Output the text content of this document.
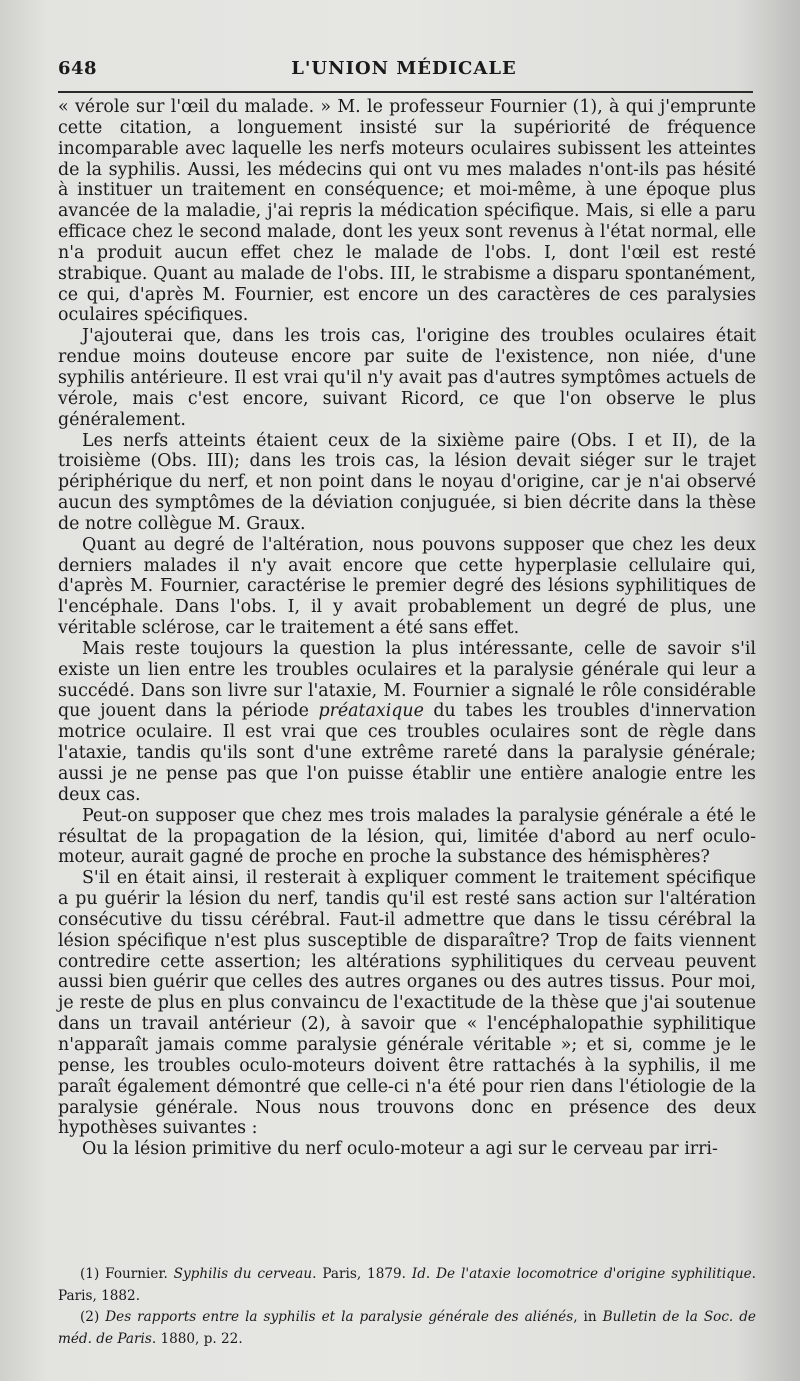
648	L'UNION MÉDICALE

« vérole sur l'œil du malade. » M. le professeur Fournier (1), à qui j'emprunte cette citation, a longuement insisté sur la supériorité de fréquence incomparable avec laquelle les nerfs moteurs oculaires subissent les atteintes de la syphilis. Aussi, les médecins qui ont vu mes malades n'ont-ils pas hésité à instituer un traitement en conséquence; et moi-même, à une époque plus avancée de la maladie, j'ai repris la médication spécifique. Mais, si elle a paru efficace chez le second malade, dont les yeux sont revenus à l'état normal, elle n'a produit aucun effet chez le malade de l'obs. I, dont l'œil est resté strabique. Quant au malade de l'obs. III, le strabisme a disparu spontanément, ce qui, d'après M. Fournier, est encore un des caractères de ces paralysies oculaires spécifiques.

J'ajouterai que, dans les trois cas, l'origine des troubles oculaires était rendue moins douteuse encore par suite de l'existence, non niée, d'une syphilis antérieure. Il est vrai qu'il n'y avait pas d'autres symptômes actuels de vérole, mais c'est encore, suivant Ricord, ce que l'on observe le plus généralement.

Les nerfs atteints étaient ceux de la sixième paire (Obs. I et II), de la troisième (Obs. III); dans les trois cas, la lésion devait siéger sur le trajet périphérique du nerf, et non point dans le noyau d'origine, car je n'ai observé aucun des symptômes de la déviation conjuguée, si bien décrite dans la thèse de notre collègue M. Graux.

Quant au degré de l'altération, nous pouvons supposer que chez les deux derniers malades il n'y avait encore que cette hyperplasie cellulaire qui, d'après M. Fournier, caractérise le premier degré des lésions syphilitiques de l'encéphale. Dans l'obs. I, il y avait probablement un degré de plus, une véritable sclérose, car le traitement a été sans effet.

Mais reste toujours la question la plus intéressante, celle de savoir s'il existe un lien entre les troubles oculaires et la paralysie générale qui leur a succédé. Dans son livre sur l'ataxie, M. Fournier a signalé le rôle considérable que jouent dans la période préataxique du tabes les troubles d'innervation motrice oculaire. Il est vrai que ces troubles oculaires sont de règle dans l'ataxie, tandis qu'ils sont d'une extrême rareté dans la paralysie générale; aussi je ne pense pas que l'on puisse établir une entière analogie entre les deux cas.

Peut-on supposer que chez mes trois malades la paralysie générale a été le résultat de la propagation de la lésion, qui, limitée d'abord au nerf oculo-moteur, aurait gagné de proche en proche la substance des hémisphères?

S'il en était ainsi, il resterait à expliquer comment le traitement spécifique a pu guérir la lésion du nerf, tandis qu'il est resté sans action sur l'altération consécutive du tissu cérébral. Faut-il admettre que dans le tissu cérébral la lésion spécifique n'est plus susceptible de disparaître? Trop de faits viennent contredire cette assertion; les altérations syphilitiques du cerveau peuvent aussi bien guérir que celles des autres organes ou des autres tissus. Pour moi, je reste de plus en plus convaincu de l'exactitude de la thèse que j'ai soutenue dans un travail antérieur (2), à savoir que « l'encéphalopathie syphilitique n'apparaît jamais comme paralysie générale véritable »; et si, comme je le pense, les troubles oculo-moteurs doivent être rattachés à la syphilis, il me paraît également démontré que celle-ci n'a été pour rien dans l'étiologie de la paralysie générale. Nous nous trouvons donc en présence des deux hypothèses suivantes :

Ou la lésion primitive du nerf oculo-moteur a agi sur le cerveau par irri-

(1) Fournier. Syphilis du cerveau. Paris, 1879. Id. De l'ataxie locomotrice d'origine syphilitique. Paris, 1882.

(2) Des rapports entre la syphilis et la paralysie générale des aliénés, in Bulletin de la Soc. de méd. de Paris. 1880, p. 22.
